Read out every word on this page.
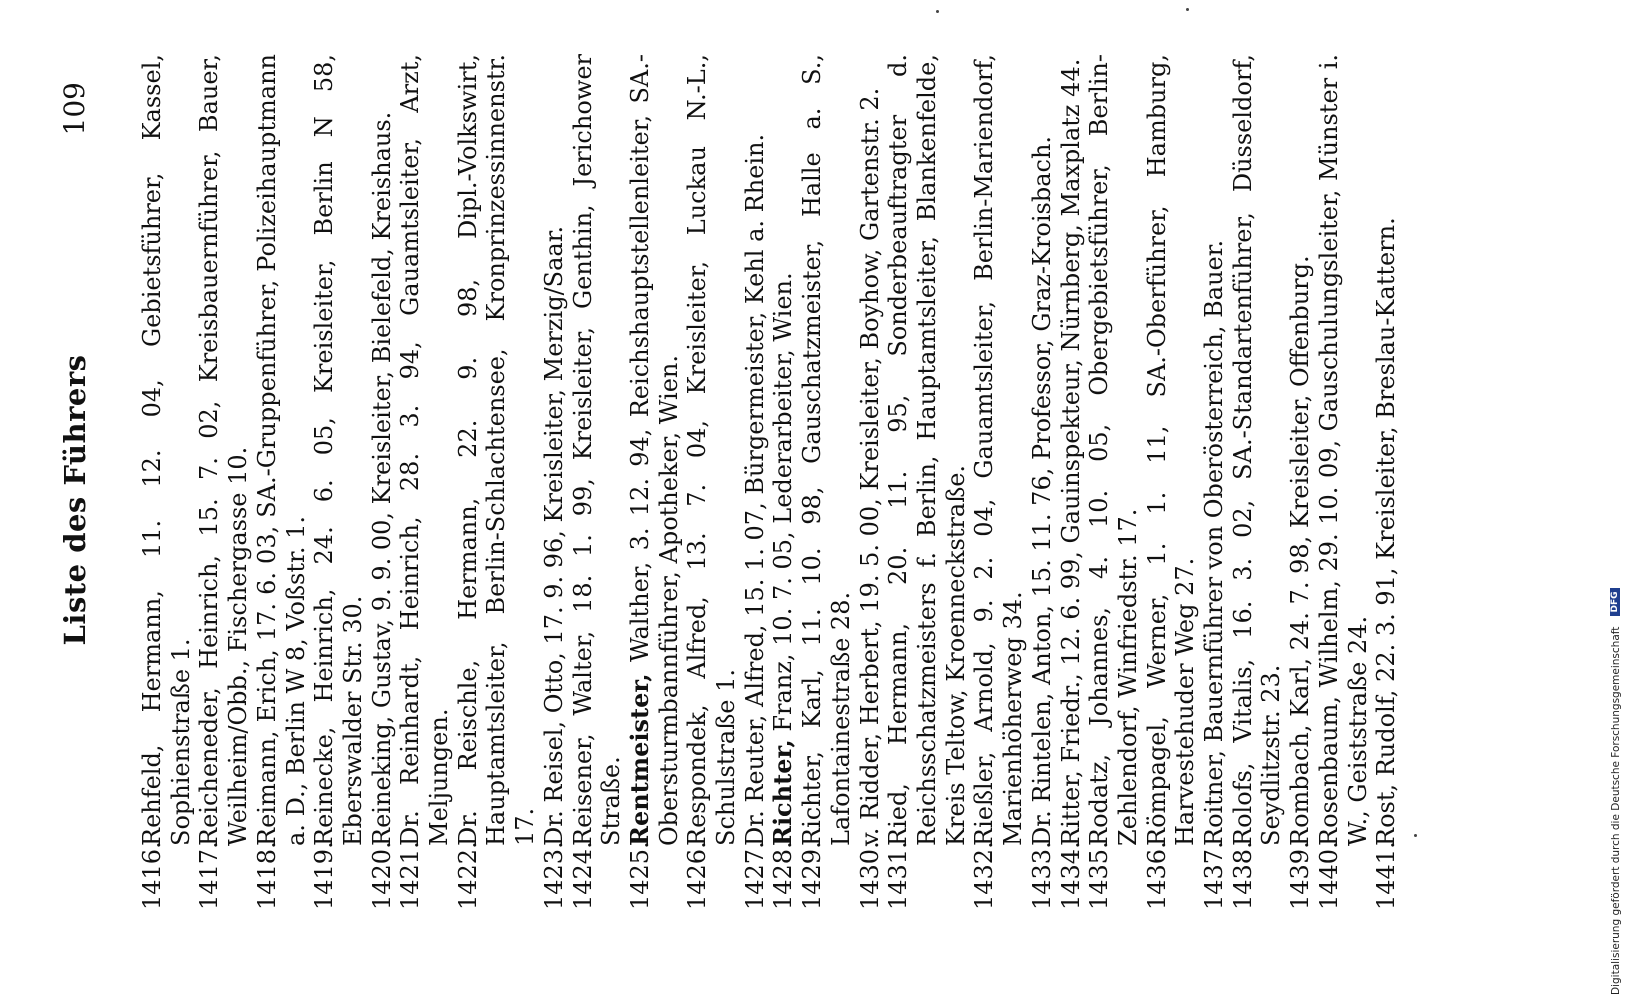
Liste des Führers
109
1416.
Rehfeld, Hermann, 11. 12. 04, Gebietsführer, Kassel, Sophienstraße 1.
1417.
Reicheneder, Heinrich, 15. 7. 02, Kreisbauernführer, Bauer, Weilheim/Obb., Fischergasse 10.
1418.
Reimann, Erich, 17. 6. 03, SA.-Gruppenführer, Polizeihauptmann a. D., Berlin W 8, Voßstr. 1.
1419.
Reinecke, Heinrich, 24. 6. 05, Kreisleiter, Berlin N 58, Eberswalder Str. 30.
1420.
Reineking, Gustav, 9. 9. 00, Kreisleiter, Bielefeld, Kreishaus.
1421.
Dr. Reinhardt, Heinrich, 28. 3. 94, Gauamtsleiter, Arzt, Meljungen.
1422.
Dr. Reischle, Hermann, 22. 9. 98, Dipl.-Volkswirt, Hauptamtsleiter, Berlin-Schlachtensee, Kronprinzessinnenstr. 17.
1423.
Dr. Reisel, Otto, 17. 9. 96, Kreisleiter, Merzig/Saar.
1424.
Reisener, Walter, 18. 1. 99, Kreisleiter, Genthin, Jerichower Straße.
1425.
Rentmeister, Walther, 3. 12. 94, Reichshauptstellenleiter, SA.-Obersturmbannführer, Apotheker, Wien.
1426.
Respondek, Alfred, 13. 7. 04, Kreisleiter, Luckau N.-L., Schulstraße 1.
1427.
Dr. Reuter, Alfred, 15. 1. 07, Bürgermeister, Kehl a. Rhein.
1428.
Richter, Franz, 10. 7. 05, Lederarbeiter, Wien.
1429.
Richter, Karl, 11. 10. 98, Gauschatzmeister, Halle a. S., Lafontainestraße 28.
1430.
v. Ridder, Herbert, 19. 5. 00, Kreisleiter, Boyhow, Gartenstr. 2.
1431.
Ried, Hermann, 20. 11. 95, Sonderbeauftragter d. Reichsschatzmeisters f. Berlin, Hauptamtsleiter, Blankenfelde, Kreis Teltow, Kroenneckstraße.
1432.
Rießler, Arnold, 9. 2. 04, Gauamtsleiter, Berlin-Mariendorf, Marienhöherweg 34.
1433.
Dr. Rintelen, Anton, 15. 11. 76, Professor, Graz-Kroisbach.
1434.
Ritter, Friedr., 12. 6. 99, Gauinspekteur, Nürnberg, Maxplatz 44.
1435.
Rodatz, Johannes, 4. 10. 05, Obergebietsführer, Berlin-Zehlendorf, Winfriedstr. 17.
1436.
Römpagel, Werner, 1. 1. 11, SA.-Oberführer, Hamburg, Harvestehuder Weg 27.
1437.
Roitner, Bauernführer von Oberösterreich, Bauer.
1438.
Rolofs, Vitalis, 16. 3. 02, SA.-Standartenführer, Düsseldorf, Seydlitzstr. 23.
1439.
Rombach, Karl, 24. 7. 98, Kreisleiter, Offenburg.
1440.
Rosenbaum, Wilhelm, 29. 10. 09, Gauschulungsleiter, Münster i. W., Geiststraße 24.
1441.
Rost, Rudolf, 22. 3. 91, Kreisleiter, Breslau-Kattern.
Digitalisierung gefördert durch die Deutsche Forschungsgemeinschaft DFG
